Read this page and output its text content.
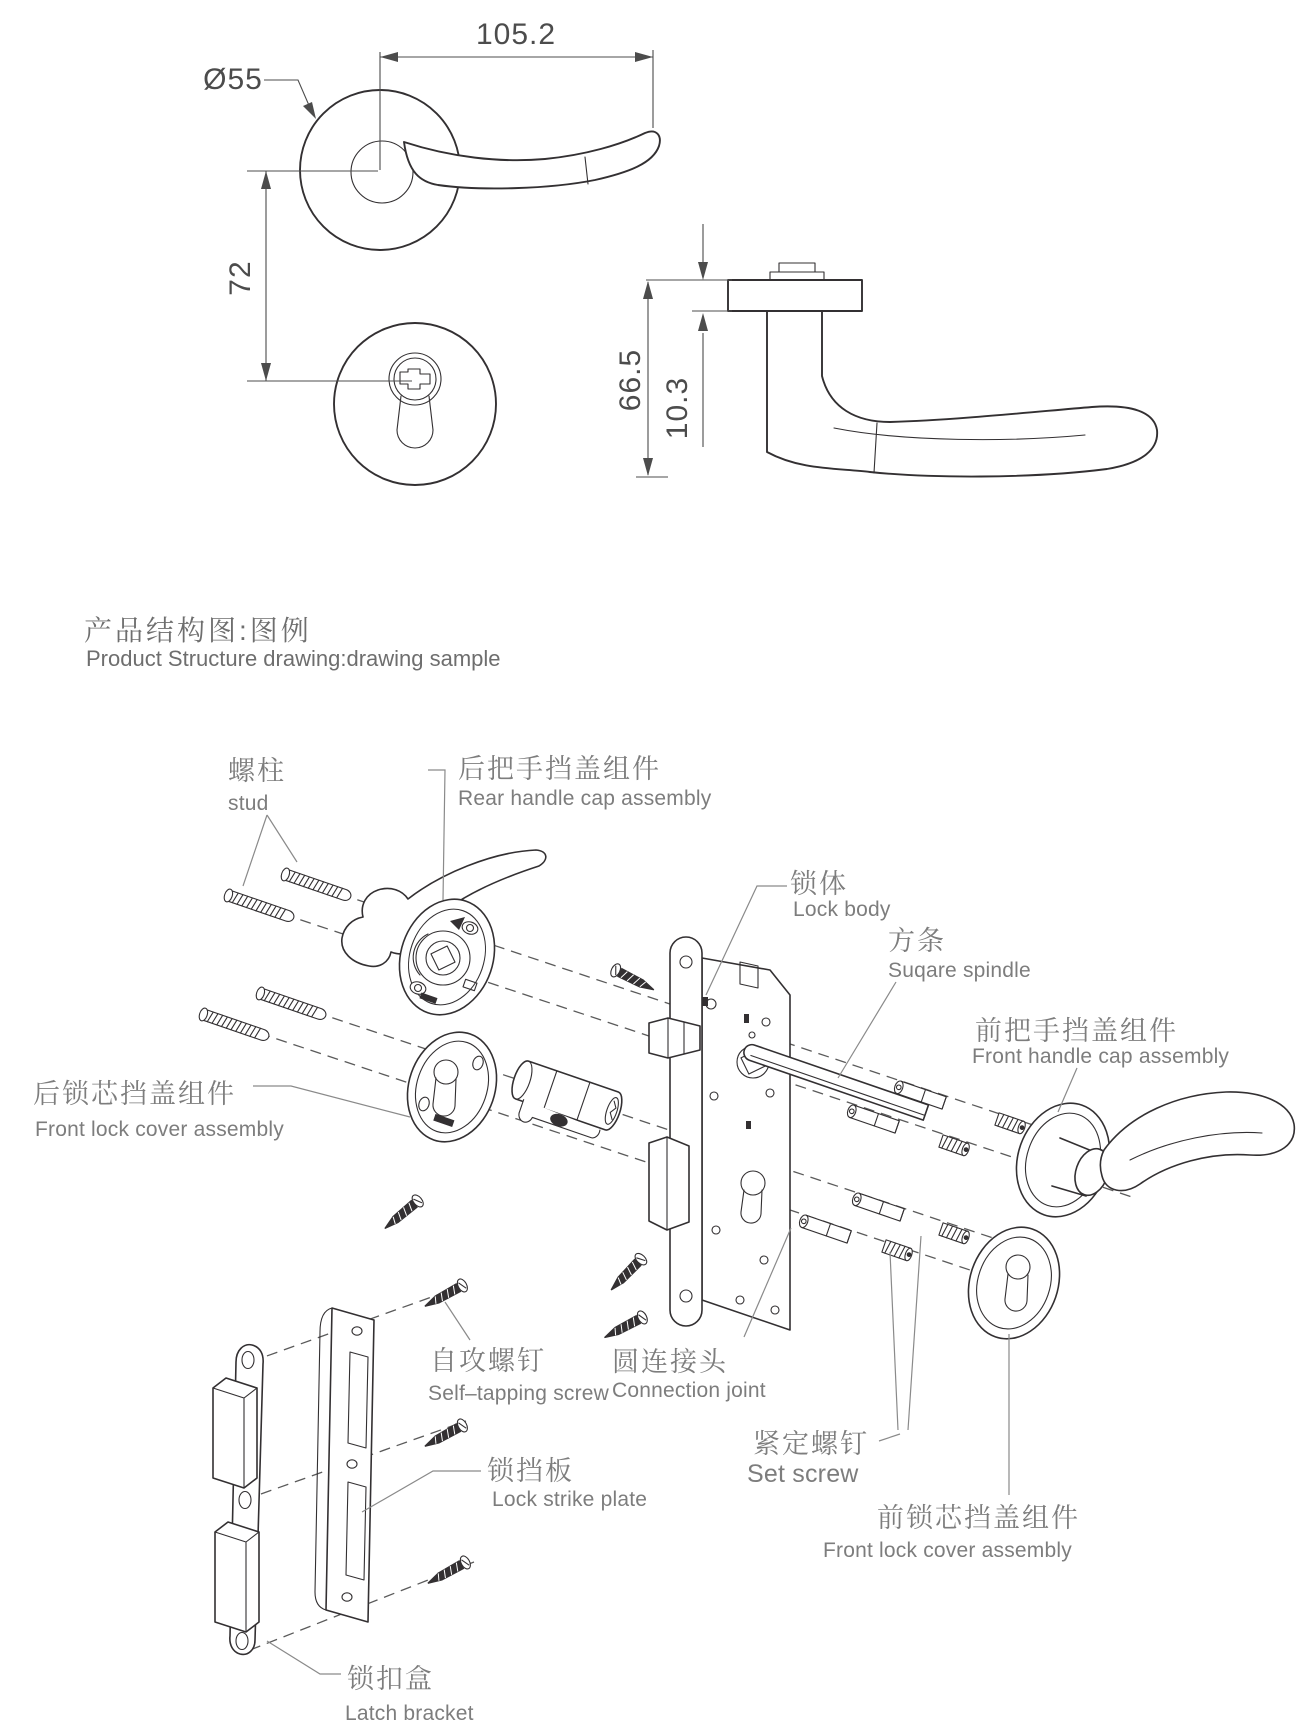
105.2
Ø55
72
66.5 10.3
产品结构图:图例
Product Structure drawing:drawing sample
螺柱
stud
后把手挡盖组件
Rear handle cap assembly
锁体
Lock body
方条
Suqare spindle
前把手挡盖组件
Front handle cap assembly
后锁芯挡盖组件
Front lock cover assembly
自攻螺钉
Self–tapping screw
圆连接头
Connection joint
锁挡板
Lock strike plate
紧定螺钉
Set screw
前锁芯挡盖组件
Front lock cover assembly
锁扣盒
Latch bracket
